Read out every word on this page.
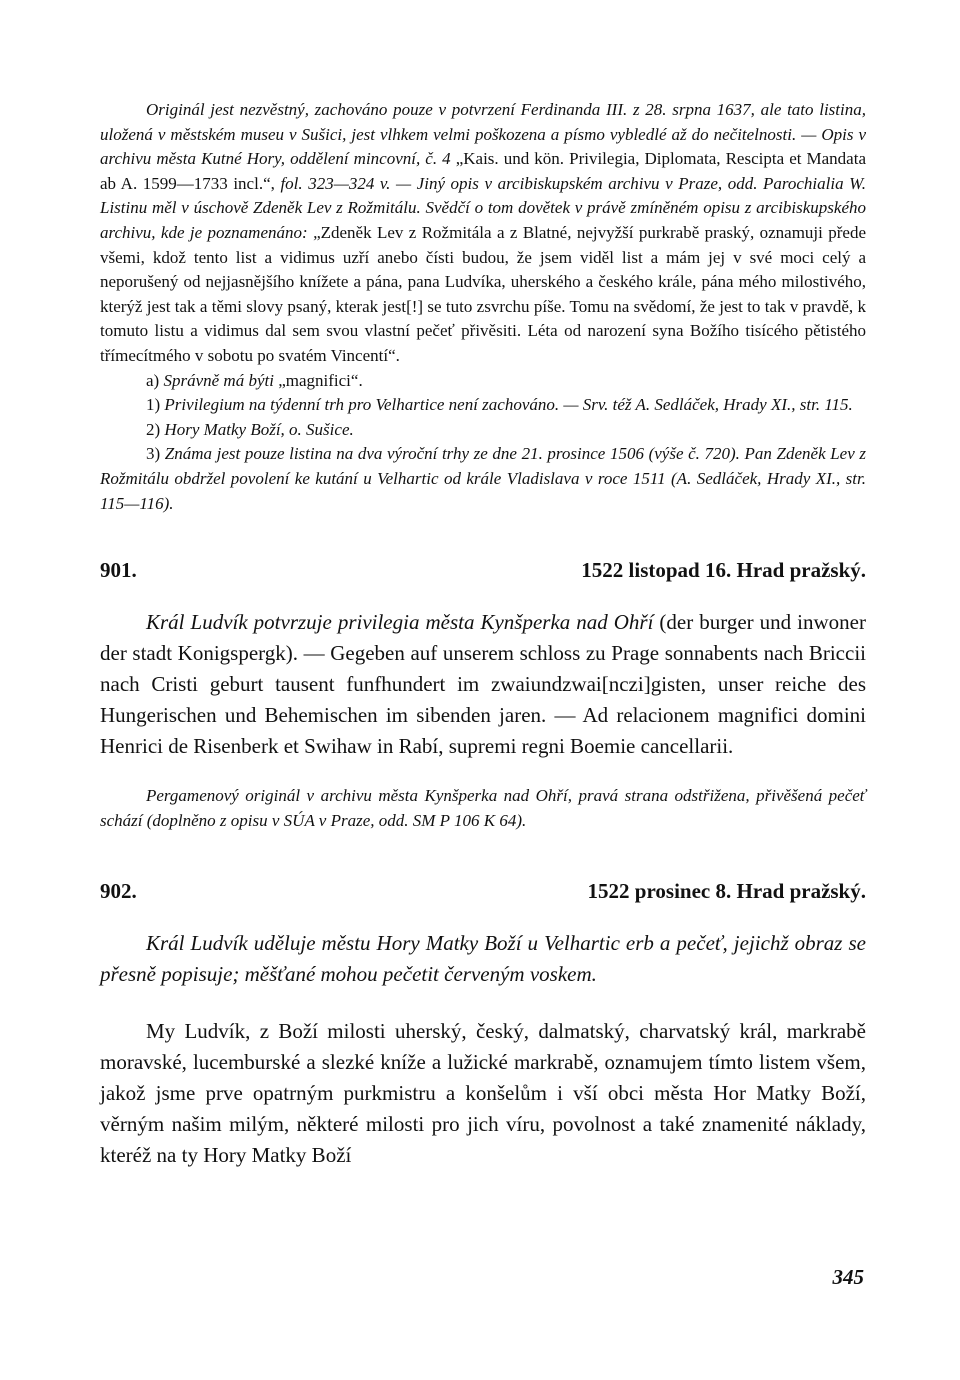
Originál jest nezvěstný, zachováno pouze v potvrzení Ferdinanda III. z 28. srpna 1637, ale tato listina, uložená v městském museu v Sušici, jest vlhkem velmi poškozena a písmo vybledlé až do nečitelnosti. — Opis v archivu města Kutné Hory, oddělení mincovní, č. 4 „Kais. und kön. Privilegia, Diplomata, Rescipta et Mandata ab A. 1599—1733 incl.“, fol. 323—324 v. — Jiný opis v arcibiskupském archivu v Praze, odd. Parochialia W. Listinu měl v úschově Zdeněk Lev z Rožmitálu. Svědčí o tom dovětek v právě zmíněném opisu z arcibiskupského archivu, kde je poznamenáno: „Zdeněk Lev z Rožmitála a z Blatné, nejvyžší purkrabě praský, oznamuji přede všemi, kdož tento list a vidimus uzří anebo čísti budou, že jsem viděl list a mám jej v své moci celý a neporušený od nejjasnějšího knížete a pána, pana Ludvíka, uherského a českého krále, pána mého milostivého, kterýž jest tak a těmi slovy psaný, kterak jest[!] se tuto zsvrchu píše. Tomu na svědomí, že jest to tak v pravdě, k tomuto listu a vidimus dal sem svou vlastní pečeť přivěsiti. Léta od narození syna Božího tisícého pětistého třímecítmého v sobotu po svatém Vincentí“.

a) Správně má býti „magnifici“.

1) Privilegium na týdenní trh pro Velhartice není zachováno. — Srv. též A. Sedláček, Hrady XI., str. 115.

2) Hory Matky Boží, o. Sušice.

3) Známa jest pouze listina na dva výroční trhy ze dne 21. prosince 1506 (výše č. 720). Pan Zdeněk Lev z Rožmitálu obdržel povolení ke kutání u Velhartic od krále Vladislava v roce 1511 (A. Sedláček, Hrady XI., str. 115—116).

901.	1522 listopad 16. Hrad pražský.

Král Ludvík potvrzuje privilegia města Kynšperka nad Ohří (der burger und inwoner der stadt Konigspergk). — Gegeben auf unserem schloss zu Prage sonnabents nach Briccii nach Cristi geburt tausent funfhundert im zwaiundzwai[nczi]gisten, unser reiche des Hungerischen und Behemischen im sibenden jaren. — Ad relacionem magnifici domini Henrici de Risenberk et Swihaw in Rabí, supremi regni Boemie cancellarii.

Pergamenový originál v archivu města Kynšperka nad Ohří, pravá strana odstřižena, přivěšená pečeť schází (doplněno z opisu v SÚA v Praze, odd. SM P 106 K 64).

902.	1522 prosinec 8. Hrad pražský.

Král Ludvík uděluje městu Hory Matky Boží u Velhartic erb a pečeť, jejichž obraz se přesně popisuje; měšťané mohou pečetit červeným voskem.

My Ludvík, z Boží milosti uherský, český, dalmatský, charvatský král, markrabě moravské, lucemburské a slezké kníže a lužické markrabě, oznamujem tímto listem všem, jakož jsme prve opatrným purkmistru a konšelům i vší obci města Hor Matky Boží, věrným našim milým, některé milosti pro jich víru, povolnost a také znamenité náklady, kteréž na ty Hory Matky Boží

345
